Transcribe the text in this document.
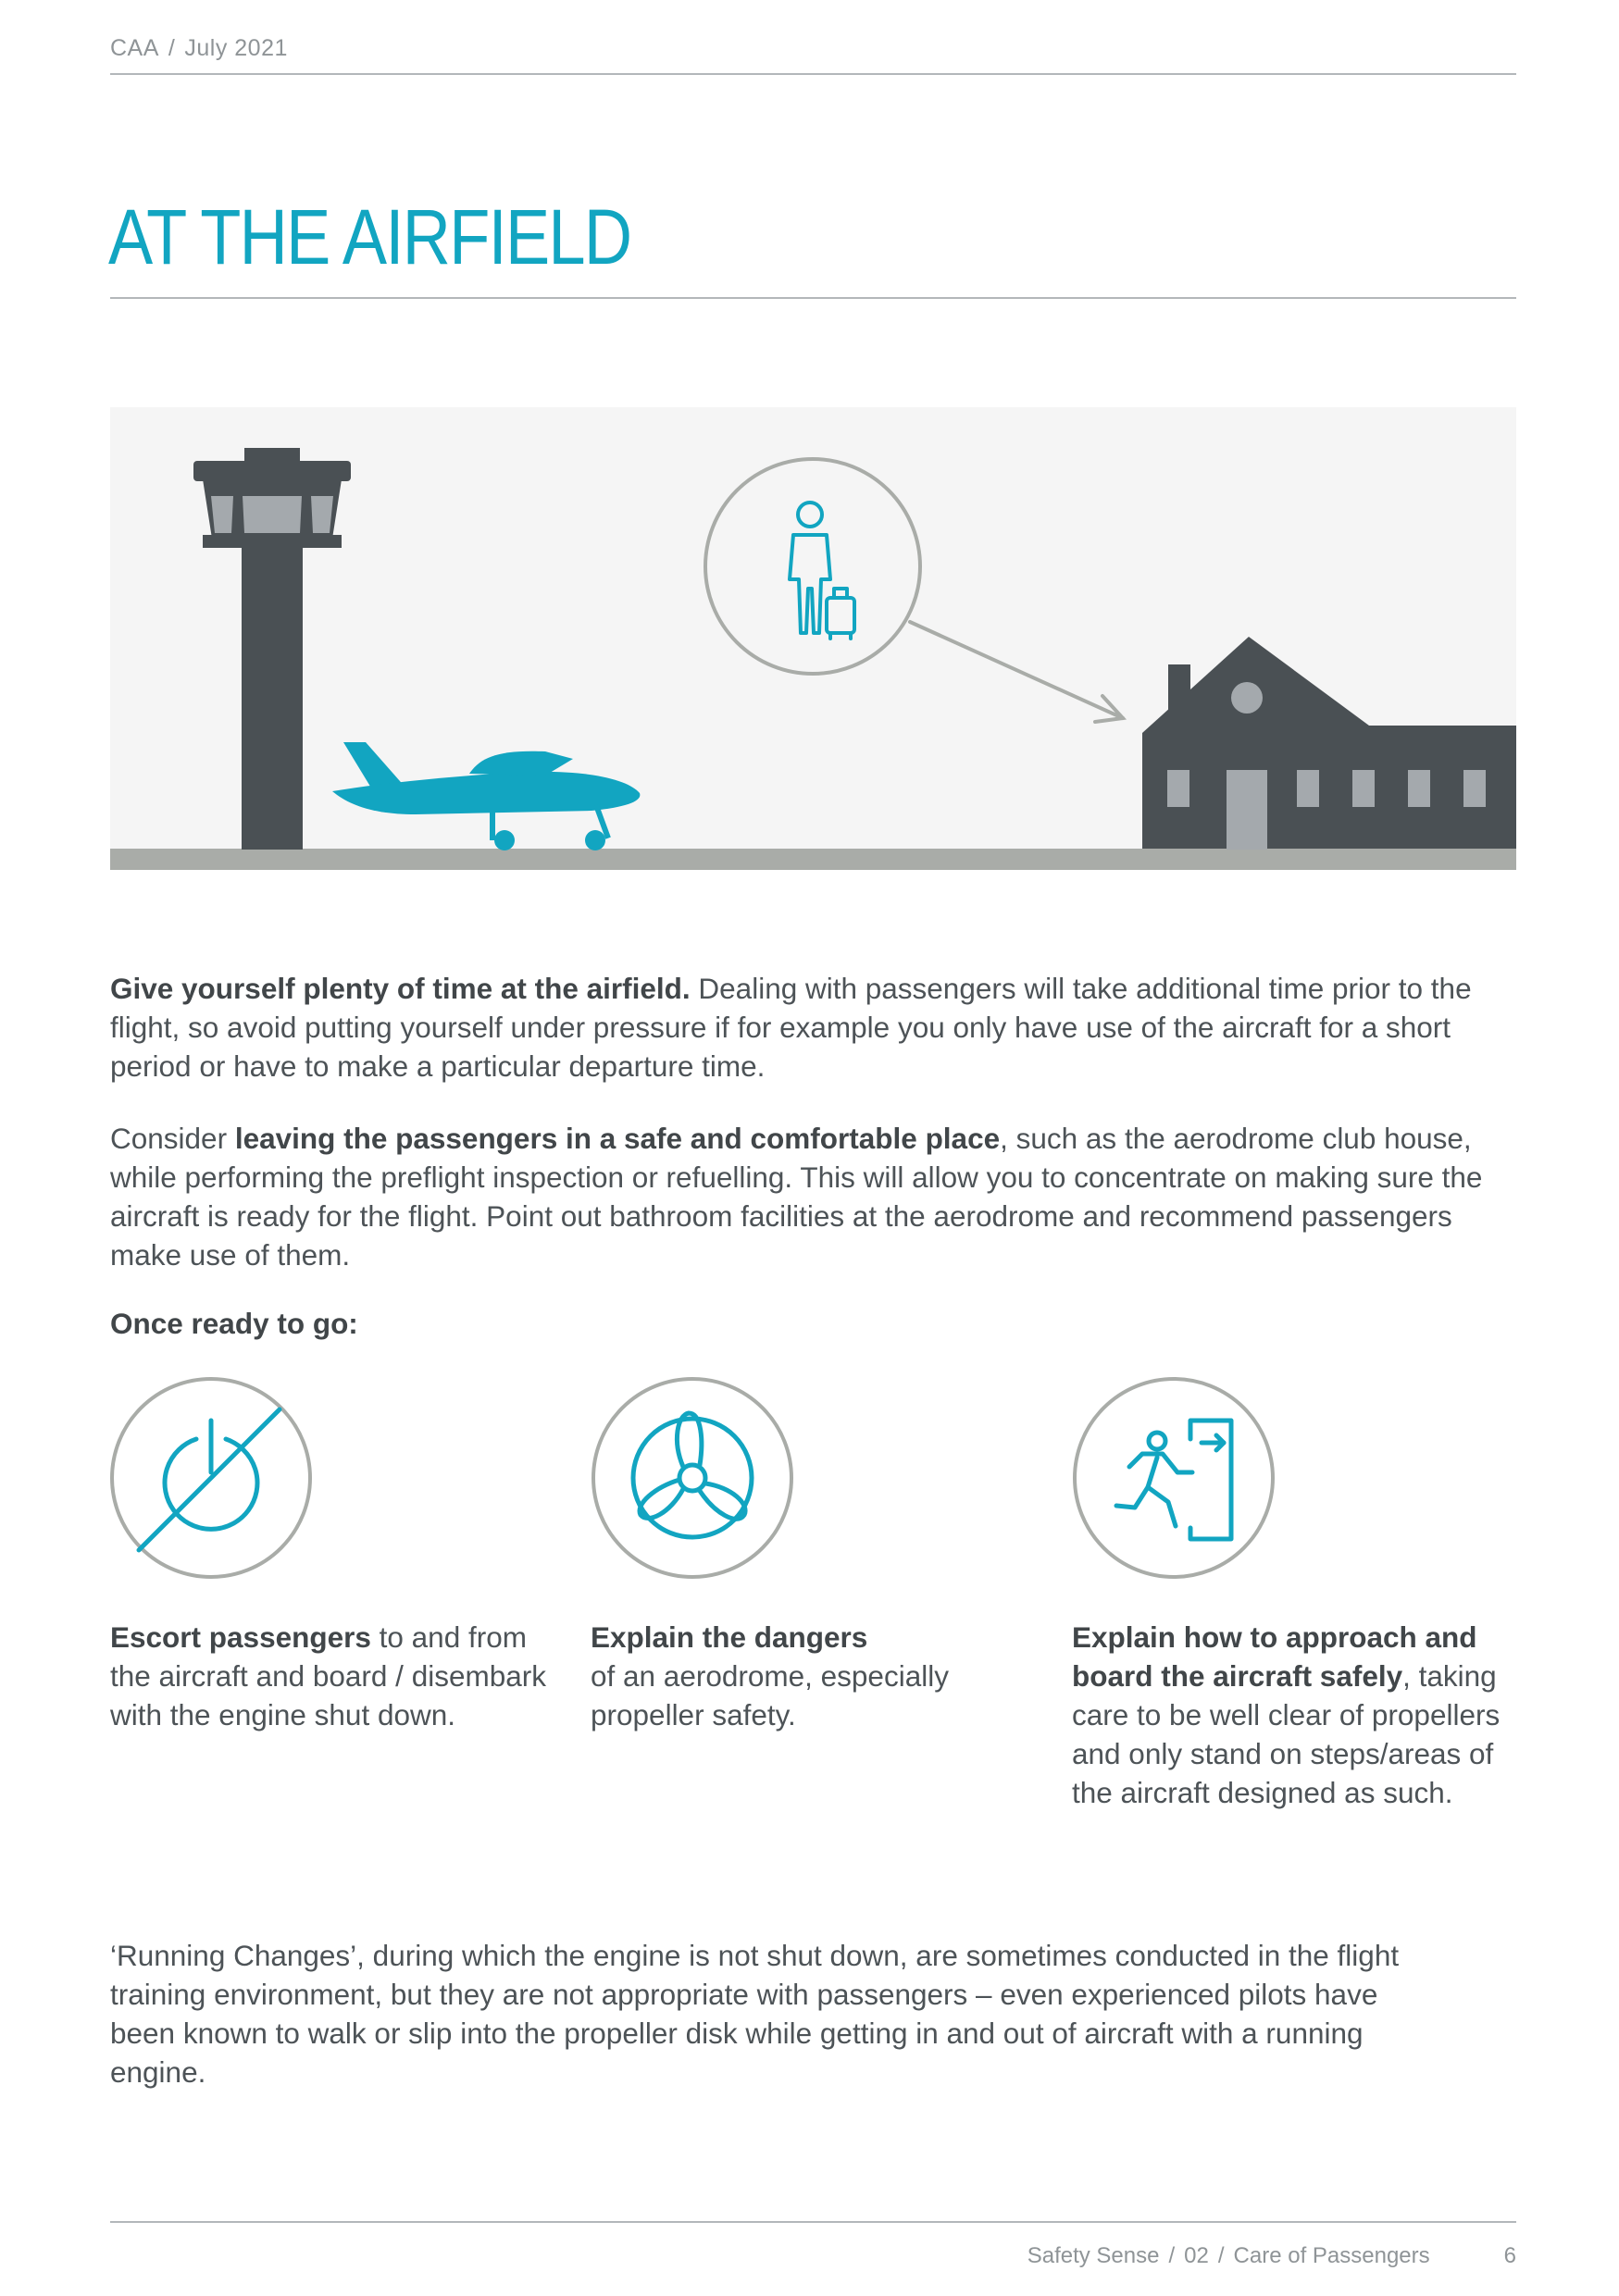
CAA / July 2021
AT THE AIRFIELD
Give yourself plenty of time at the airfield. Dealing with passengers will take additional time prior to the flight, so avoid putting yourself under pressure if for example you only have use of the aircraft for a short period or have to make a particular departure time.
Consider leaving the passengers in a safe and comfortable place, such as the aerodrome club house, while performing the preflight inspection or refuelling. This will allow you to concentrate on making sure the aircraft is ready for the flight. Point out bathroom facilities at the aerodrome and recommend passengers make use of them.
Once ready to go:
Escort passengers to and from the aircraft and board / disembark with the engine shut down.
Explain the dangers
of an aerodrome, especially propeller safety.
Explain how to approach and board the aircraft safely, taking care to be well clear of propellers and only stand on steps/areas of the aircraft designed as such.
‘Running Changes’, during which the engine is not shut down, are sometimes conducted in the flight training environment, but they are not appropriate with passengers – even experienced pilots have been known to walk or slip into the propeller disk while getting in and out of aircraft with a running engine.
Safety Sense / 02 / Care of Passengers	6
